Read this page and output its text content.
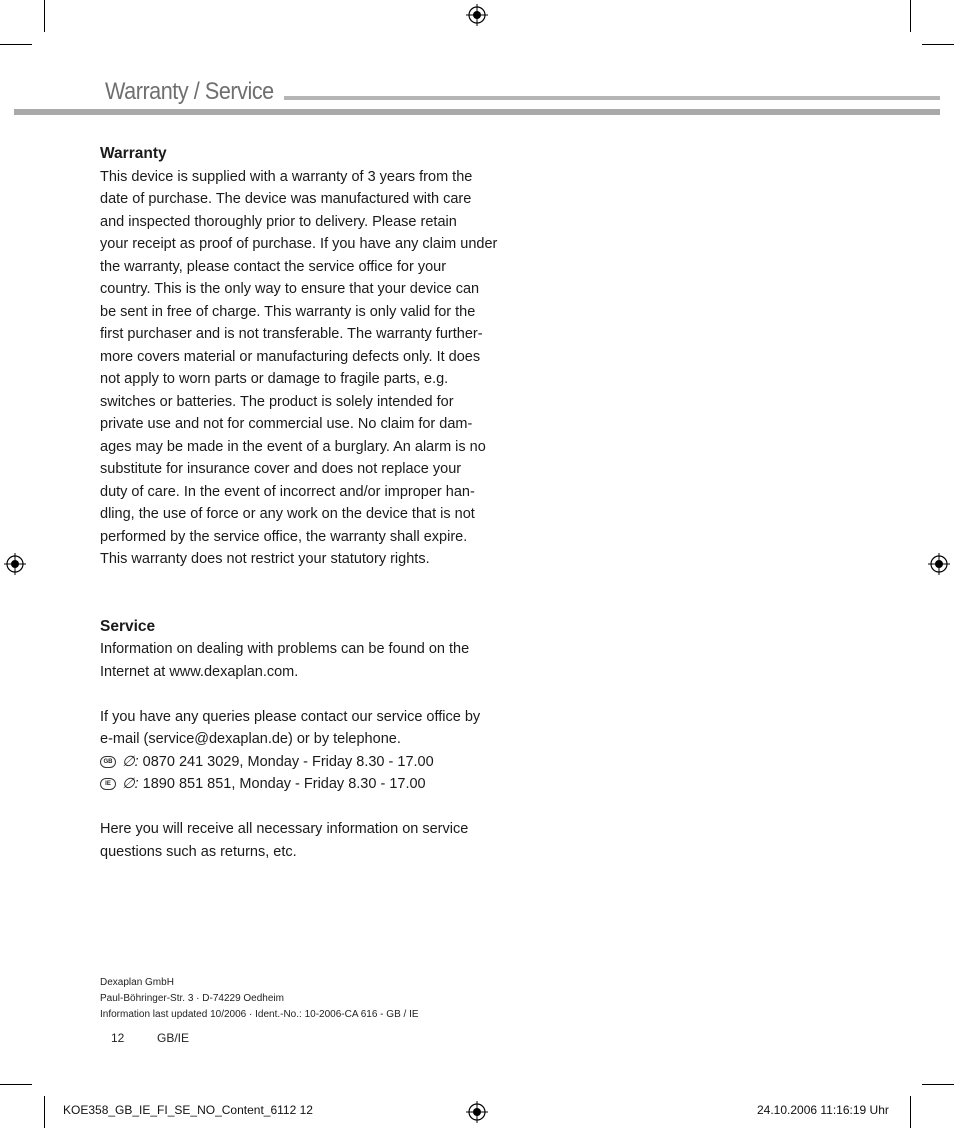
Warranty / Service
Warranty
This device is supplied with a warranty of 3 years from the
date of purchase. The device was manufactured with care
and inspected thoroughly prior to delivery. Please retain
your receipt as proof of purchase. If you have any claim under
the warranty, please contact the service office for your
country. This is the only way to ensure that your device can
be sent in free of charge. This warranty is only valid for the
first purchaser and is not transferable. The warranty further-
more covers material or manufacturing defects only. It does
not apply to worn parts or damage to fragile parts, e.g.
switches or batteries. The product is solely intended for
private use and not for commercial use. No claim for dam-
ages may be made in the event of a burglary. An alarm is no
substitute for insurance cover and does not replace your
duty of care. In the event of incorrect and/or improper han-
dling, the use of force or any work on the device that is not
performed by the service office, the warranty shall expire.
This warranty does not restrict your statutory rights.
Service
Information on dealing with problems can be found on the
Internet at www.dexaplan.com.
If you have any queries please contact our service office by
e-mail (service@dexaplan.de) or by telephone.
GB ∅: 0870 241 3029, Monday - Friday 8.30 - 17.00
IE ∅: 1890 851 851, Monday - Friday 8.30 - 17.00
Here you will receive all necessary information on service
questions such as returns, etc.

Dexaplan GmbH

Paul-Böhringer-Str. 3 · D-74229 Oedheim

Information last updated 10/2006 · Ident.-No.: 10-2006-CA 616 - GB / IE

12	GB/IE
KOE358_GB_IE_FI_SE_NO_Content_6112 12	24.10.2006 11:16:19 Uhr
